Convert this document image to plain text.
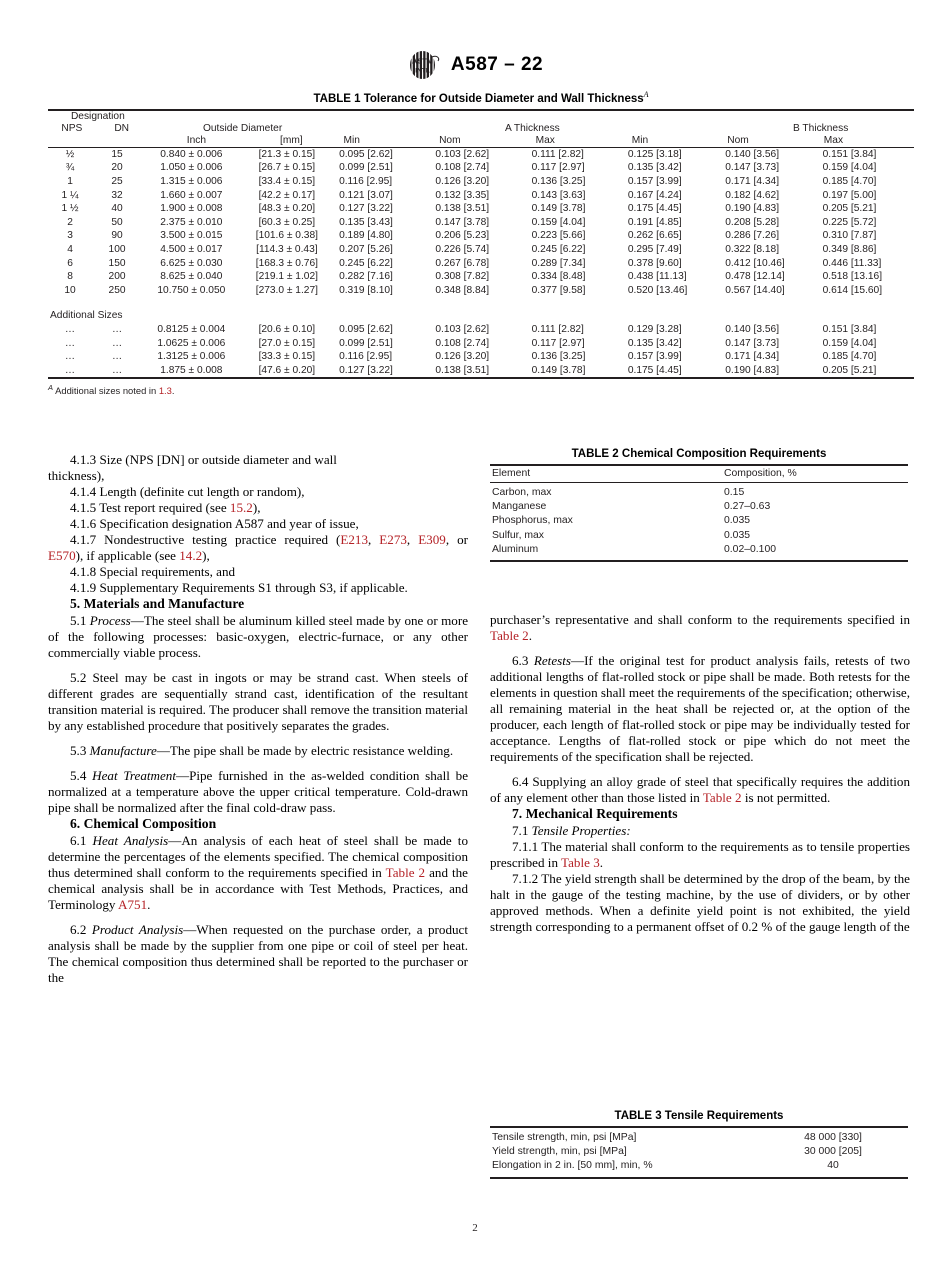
ASTM
INTL A587 – 22
TABLE 1 Tolerance for Outside Diameter and Wall Thickness$^A$
Designation									
NPS	DN	Outside Diameter			A Thickness			B Thickness	
		Inch	[mm]	Min	Nom	Max	Min	Nom	Max
½	15	0.840 ± 0.006	[21.3 ± 0.15]	0.095 [2.62]	0.103 [2.62]	0.111 [2.82]	0.125 [3.18]	0.140 [3.56]	0.151 [3.84]
¾	20	1.050 ± 0.006	[26.7 ± 0.15]	0.099 [2.51]	0.108 [2.74]	0.117 [2.97]	0.135 [3.42]	0.147 [3.73]	0.159 [4.04]
1	25	1.315 ± 0.006	[33.4 ± 0.15]	0.116 [2.95]	0.126 [3.20]	0.136 [3.25]	0.157 [3.99]	0.171 [4.34]	0.185 [4.70]
1 ¼	32	1.660 ± 0.007	[42.2 ± 0.17]	0.121 [3.07]	0.132 [3.35]	0.143 [3.63]	0.167 [4.24]	0.182 [4.62]	0.197 [5.00]
1 ½	40	1.900 ± 0.008	[48.3 ± 0.20]	0.127 [3.22]	0.138 [3.51]	0.149 [3.78]	0.175 [4.45]	0.190 [4.83]	0.205 [5.21]
2	50	2.375 ± 0.010	[60.3 ± 0.25]	0.135 [3.43]	0.147 [3.78]	0.159 [4.04]	0.191 [4.85]	0.208 [5.28]	0.225 [5.72]
3	90	3.500 ± 0.015	[101.6 ± 0.38]	0.189 [4.80]	0.206 [5.23]	0.223 [5.66]	0.262 [6.65]	0.286 [7.26]	0.310 [7.87]
4	100	4.500 ± 0.017	[114.3 ± 0.43]	0.207 [5.26]	0.226 [5.74]	0.245 [6.22]	0.295 [7.49]	0.322 [8.18]	0.349 [8.86]
6	150	6.625 ± 0.030	[168.3 ± 0.76]	0.245 [6.22]	0.267 [6.78]	0.289 [7.34]	0.378 [9.60]	0.412 [10.46]	0.446 [11.33]
8	200	8.625 ± 0.040	[219.1 ± 1.02]	0.282 [7.16]	0.308 [7.82]	0.334 [8.48]	0.438 [11.13]	0.478 [12.14]	0.518 [13.16]
10	250	10.750 ± 0.050	[273.0 ± 1.27]	0.319 [8.10]	0.348 [8.84]	0.377 [9.58]	0.520 [13.46]	0.567 [14.40]	0.614 [15.60]

Additional Sizes									
…	…	0.8125 ± 0.004	[20.6 ± 0.10]	0.095 [2.62]	0.103 [2.62]	0.111 [2.82]	0.129 [3.28]	0.140 [3.56]	0.151 [3.84]
…	…	1.0625 ± 0.006	[27.0 ± 0.15]	0.099 [2.51]	0.108 [2.74]	0.117 [2.97]	0.135 [3.42]	0.147 [3.73]	0.159 [4.04]
…	…	1.3125 ± 0.006	[33.3 ± 0.15]	0.116 [2.95]	0.126 [3.20]	0.136 [3.25]	0.157 [3.99]	0.171 [4.34]	0.185 [4.70]
…	…	1.875 ± 0.008	[47.6 ± 0.20]	0.127 [3.22]	0.138 [3.51]	0.149 [3.78]	0.175 [4.45]	0.190 [4.83]	0.205 [5.21]
$^A$ Additional sizes noted in 1.3.

4.1.3 Size (NPS [DN] or outside diameter and wall

thickness),

4.1.4 Length (definite cut length or random),

4.1.5 Test report required (see 15.2),

4.1.6 Specification designation A587 and year of issue,

4.1.7 Nondestructive testing practice required (E213, E273, E309, or E570), if applicable (see 14.2),

4.1.8 Special requirements, and

4.1.9 Supplementary Requirements S1 through S3, if applicable.

5. Materials and Manufacture

5.1 Process—The steel shall be aluminum killed steel made by one or more of the following processes: basic-oxygen, electric-furnace, or any other commercially viable process.

5.2 Steel may be cast in ingots or may be strand cast. When steels of different grades are sequentially strand cast, identification of the resultant transition material is required. The producer shall remove the transition material by any established procedure that positively separates the grades.

5.3 Manufacture—The pipe shall be made by electric resistance welding.

5.4 Heat Treatment—Pipe furnished in the as-welded condition shall be normalized at a temperature above the upper critical temperature. Cold-drawn pipe shall be normalized after the final cold-draw pass.

6. Chemical Composition

6.1 Heat Analysis—An analysis of each heat of steel shall be made to determine the percentages of the elements specified. The chemical composition thus determined shall conform to the requirements specified in Table 2 and the chemical analysis shall be in accordance with Test Methods, Practices, and Terminology A751.

6.2 Product Analysis—When requested on the purchase order, a product analysis shall be made by the supplier from one pipe or coil of steel per heat. The chemical composition thus determined shall be reported to the purchaser or the

TABLE 2 Chemical Composition Requirements
Element	Composition, %

Carbon, max	0.15
Manganese	0.27–0.63
Phosphorus, max	0.035
Sulfur, max	0.035
Aluminum	0.02–0.100

purchaser’s representative and shall conform to the requirements specified in Table 2.

6.3 Retests—If the original test for product analysis fails, retests of two additional lengths of flat-rolled stock or pipe shall be made. Both retests for the elements in question shall meet the requirements of the specification; otherwise, all remaining material in the heat shall be rejected or, at the option of the producer, each length of flat-rolled stock or pipe may be individually tested for acceptance. Lengths of flat-rolled stock or pipe which do not meet the requirements of the specification shall be rejected.

6.4 Supplying an alloy grade of steel that specifically requires the addition of any element other than those listed in Table 2 is not permitted.

7. Mechanical Requirements

7.1 Tensile Properties:

7.1.1 The material shall conform to the requirements as to tensile properties prescribed in Table 3.

7.1.2 The yield strength shall be determined by the drop of the beam, by the halt in the gauge of the testing machine, by the use of dividers, or by other approved methods. When a definite yield point is not exhibited, the yield strength corresponding to a permanent offset of 0.2 % of the gauge length of the

TABLE 3 Tensile Requirements

Tensile strength, min, psi [MPa]	48 000 [330]
Yield strength, min, psi [MPa]	30 000 [205]
Elongation in 2 in. [50 mm], min, %	40

2
